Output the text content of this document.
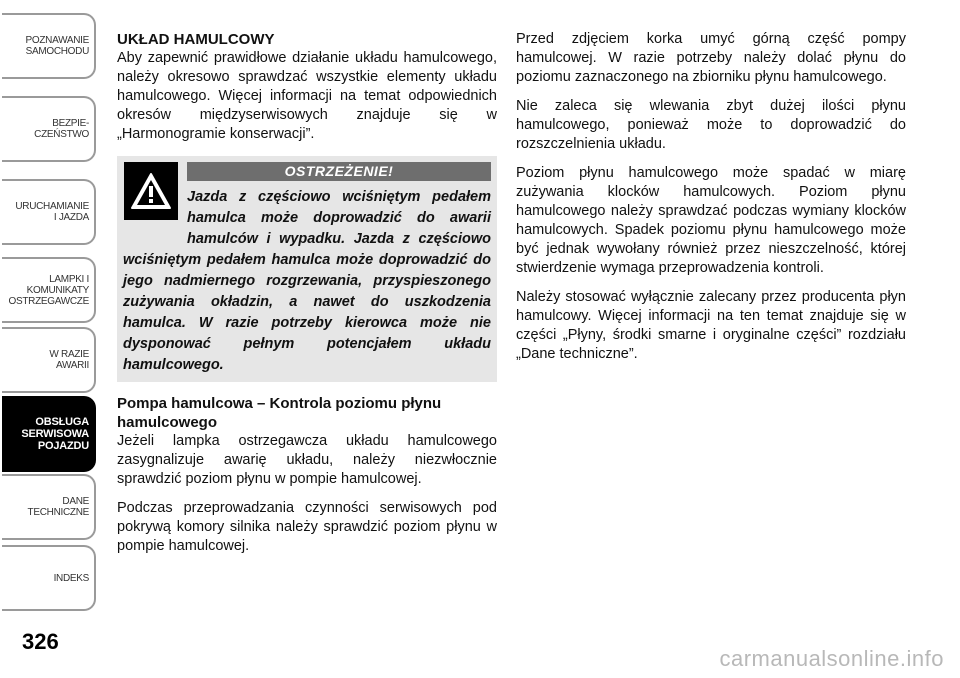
POZNAWANIE
SAMOCHODU
BEZPIE-
CZEŃSTWO
URUCHAMIANIE
I JAZDA
LAMPKI I
KOMUNIKATY
OSTRZEGAWCZE
W RAZIE
AWARII
OBSŁUGA
SERWISOWA
POJAZDU
DANE
TECHNICZNE
INDEKS
326
UKŁAD HAMULCOWY

Aby zapewnić prawidłowe działanie układu hamulcowego, należy okresowo sprawdzać wszystkie elementy układu hamulcowego. Więcej informacji na temat odpowiednich okresów międzyserwisowych znajduje się w „Harmonogramie konserwacji”.

OSTRZEŻENIE!
Jazda z częściowo wciśniętym pedałem hamulca może doprowadzić do awarii hamulców i wypadku. Jazda z częściowo wciśniętym pedałem hamulca może doprowadzić do jego nadmiernego rozgrzewania, przyspieszonego zużywania okładzin, a nawet do uszkodzenia hamulca. W razie potrzeby kierowca może nie dysponować pełnym potencjałem układu hamulcowego.
Pompa hamulcowa – Kontrola poziomu płynu hamulcowego

Jeżeli lampka ostrzegawcza układu hamulcowego zasygnalizuje awarię układu, należy niezwłocznie sprawdzić poziom płynu w pompie hamulcowej.

Podczas przeprowadzania czynności serwisowych pod pokrywą komory silnika należy sprawdzić poziom płynu w pompie hamulcowej.

Przed zdjęciem korka umyć górną część pompy hamulcowej. W razie potrzeby należy dolać płynu do poziomu zaznaczonego na zbiorniku płynu hamulcowego.

Nie zaleca się wlewania zbyt dużej ilości płynu hamulcowego, ponieważ może to doprowadzić do rozszczelnienia układu.

Poziom płynu hamulcowego może spadać w miarę zużywania klocków hamulcowych. Poziom płynu hamulcowego należy sprawdzać podczas wymiany klocków hamulcowych. Spadek poziomu płynu hamulcowego może być jednak wywołany również przez nieszczelność, której stwierdzenie wymaga przeprowadzenia kontroli.

Należy stosować wyłącznie zalecany przez producenta płyn hamulcowy. Więcej informacji na ten temat znajduje się w części „Płyny, środki smarne i oryginalne części” rozdziału „Dane techniczne”.

carmanualsonline.info
